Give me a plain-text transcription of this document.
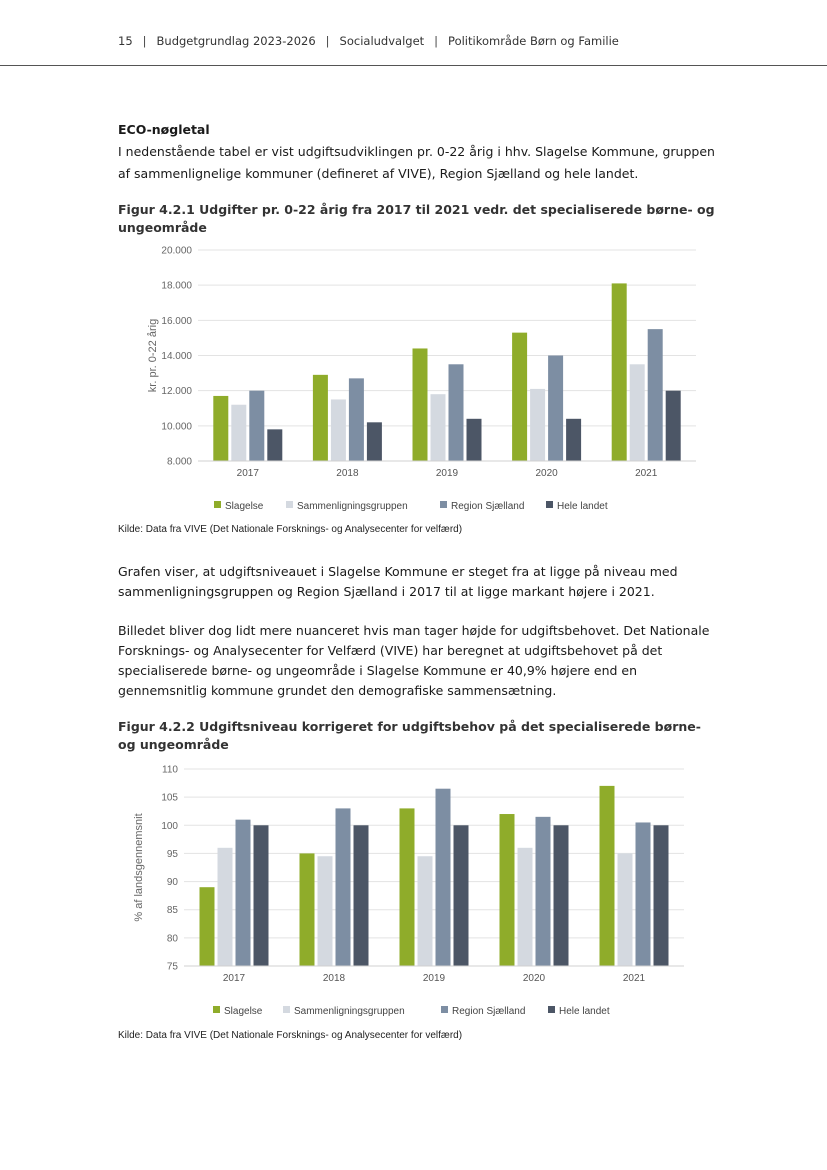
15 | Budgetgrundlag 2023-2026 | Socialudvalget | Politikområde Børn og Familie
ECO-nøgletal
I nedenstående tabel er vist udgiftsudviklingen pr. 0-22 årig i hhv. Slagelse Kommune, gruppen af sammenlignelige kommuner (defineret af VIVE), Region Sjælland og hele landet.
Figur 4.2.1 Udgifter pr. 0-22 årig fra 2017 til 2021 vedr. det specialiserede børne- og ungeområde
8.000
10.000
12.000
14.000
16.000
18.000
20.000
kr. pr. 0-22 årig
2017	2018	2019	2020	2021
Slagelse	Sammenligningsgruppen	Region Sjælland	Hele landet
Kilde: Data fra VIVE (Det Nationale Forsknings- og Analysecenter for velfærd)
Grafen viser, at udgiftsniveauet i Slagelse Kommune er steget fra at ligge på niveau med sammenligningsgruppen og Region Sjælland i 2017 til at ligge markant højere i 2021.
Billedet bliver dog lidt mere nuanceret hvis man tager højde for udgiftsbehovet. Det Nationale Forsknings- og Analysecenter for Velfærd (VIVE) har beregnet at udgiftsbehovet på det specialiserede børne- og ungeområde i Slagelse Kommune er 40,9% højere end en gennemsnitlig kommune grundet den demografiske sammensætning.
Figur 4.2.2 Udgiftsniveau korrigeret for udgiftsbehov på det specialiserede børne- og ungeområde
75
80
85
90
95
100
105
110
% af landsgennemsnit
2017	2018	2019	2020	2021
Slagelse	Sammenligningsgruppen	Region Sjælland	Hele landet
Kilde: Data fra VIVE (Det Nationale Forsknings- og Analysecenter for velfærd)
